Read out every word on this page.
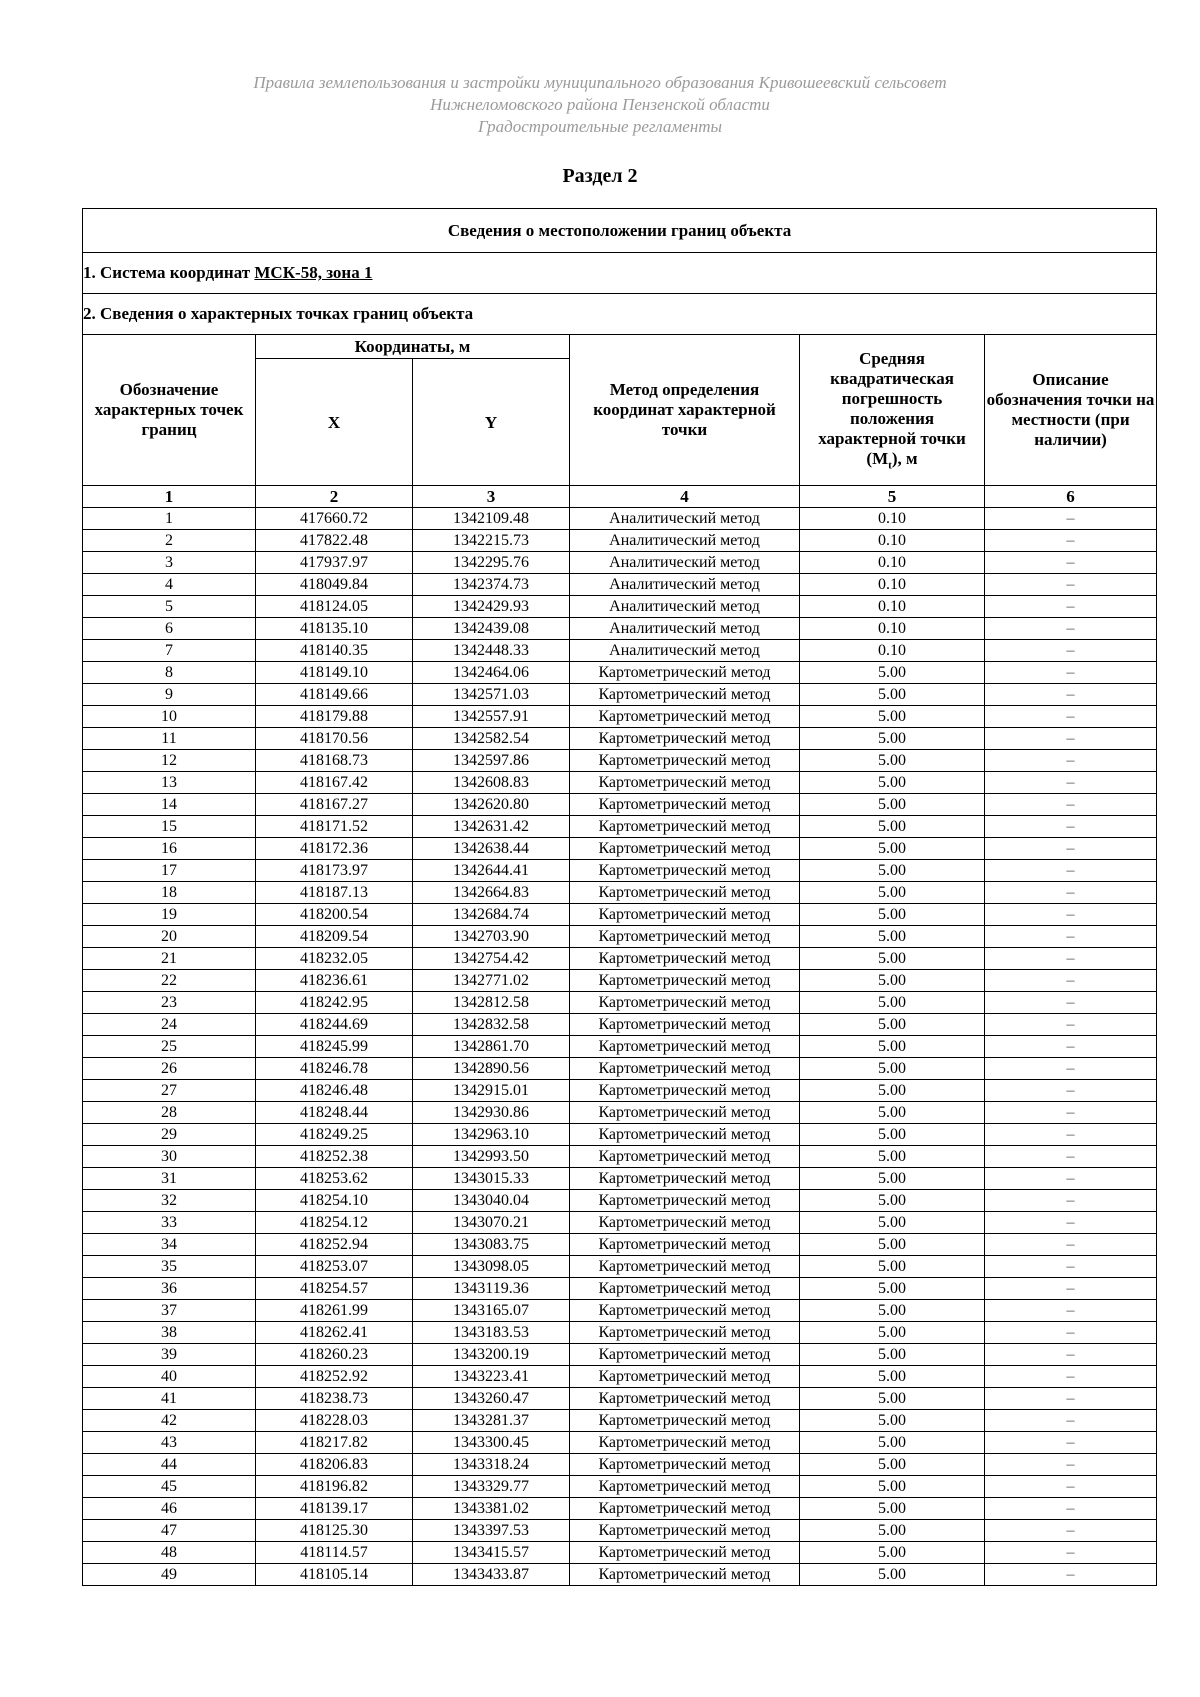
Правила землепользования и застройки муниципального образования Кривошеевский сельсовет
Нижнеломовского района Пензенской области
Градостроительные регламенты
Раздел 2
Сведения о местоположении границ объекта					
1. Система координат МСК-58, зона 1					
2. Сведения о характерных точках границ объекта					
Обозначение характерных точек границ	Координаты, м		Метод определения координат характерной точки	Средняя квадратическая погрешность положения характерной точки $(М_t)$, м	Описание обозначения точки на местности (при наличии)
	X	Y			
1	2	3	4	5	6
1	417660.72	1342109.48	Аналитический метод	0.10	–
2	417822.48	1342215.73	Аналитический метод	0.10	–
3	417937.97	1342295.76	Аналитический метод	0.10	–
4	418049.84	1342374.73	Аналитический метод	0.10	–
5	418124.05	1342429.93	Аналитический метод	0.10	–
6	418135.10	1342439.08	Аналитический метод	0.10	–
7	418140.35	1342448.33	Аналитический метод	0.10	–
8	418149.10	1342464.06	Картометрический метод	5.00	–
9	418149.66	1342571.03	Картометрический метод	5.00	–
10	418179.88	1342557.91	Картометрический метод	5.00	–
11	418170.56	1342582.54	Картометрический метод	5.00	–
12	418168.73	1342597.86	Картометрический метод	5.00	–
13	418167.42	1342608.83	Картометрический метод	5.00	–
14	418167.27	1342620.80	Картометрический метод	5.00	–
15	418171.52	1342631.42	Картометрический метод	5.00	–
16	418172.36	1342638.44	Картометрический метод	5.00	–
17	418173.97	1342644.41	Картометрический метод	5.00	–
18	418187.13	1342664.83	Картометрический метод	5.00	–
19	418200.54	1342684.74	Картометрический метод	5.00	–
20	418209.54	1342703.90	Картометрический метод	5.00	–
21	418232.05	1342754.42	Картометрический метод	5.00	–
22	418236.61	1342771.02	Картометрический метод	5.00	–
23	418242.95	1342812.58	Картометрический метод	5.00	–
24	418244.69	1342832.58	Картометрический метод	5.00	–
25	418245.99	1342861.70	Картометрический метод	5.00	–
26	418246.78	1342890.56	Картометрический метод	5.00	–
27	418246.48	1342915.01	Картометрический метод	5.00	–
28	418248.44	1342930.86	Картометрический метод	5.00	–
29	418249.25	1342963.10	Картометрический метод	5.00	–
30	418252.38	1342993.50	Картометрический метод	5.00	–
31	418253.62	1343015.33	Картометрический метод	5.00	–
32	418254.10	1343040.04	Картометрический метод	5.00	–
33	418254.12	1343070.21	Картометрический метод	5.00	–
34	418252.94	1343083.75	Картометрический метод	5.00	–
35	418253.07	1343098.05	Картометрический метод	5.00	–
36	418254.57	1343119.36	Картометрический метод	5.00	–
37	418261.99	1343165.07	Картометрический метод	5.00	–
38	418262.41	1343183.53	Картометрический метод	5.00	–
39	418260.23	1343200.19	Картометрический метод	5.00	–
40	418252.92	1343223.41	Картометрический метод	5.00	–
41	418238.73	1343260.47	Картометрический метод	5.00	–
42	418228.03	1343281.37	Картометрический метод	5.00	–
43	418217.82	1343300.45	Картометрический метод	5.00	–
44	418206.83	1343318.24	Картометрический метод	5.00	–
45	418196.82	1343329.77	Картометрический метод	5.00	–
46	418139.17	1343381.02	Картометрический метод	5.00	–
47	418125.30	1343397.53	Картометрический метод	5.00	–
48	418114.57	1343415.57	Картометрический метод	5.00	–
49	418105.14	1343433.87	Картометрический метод	5.00	–
